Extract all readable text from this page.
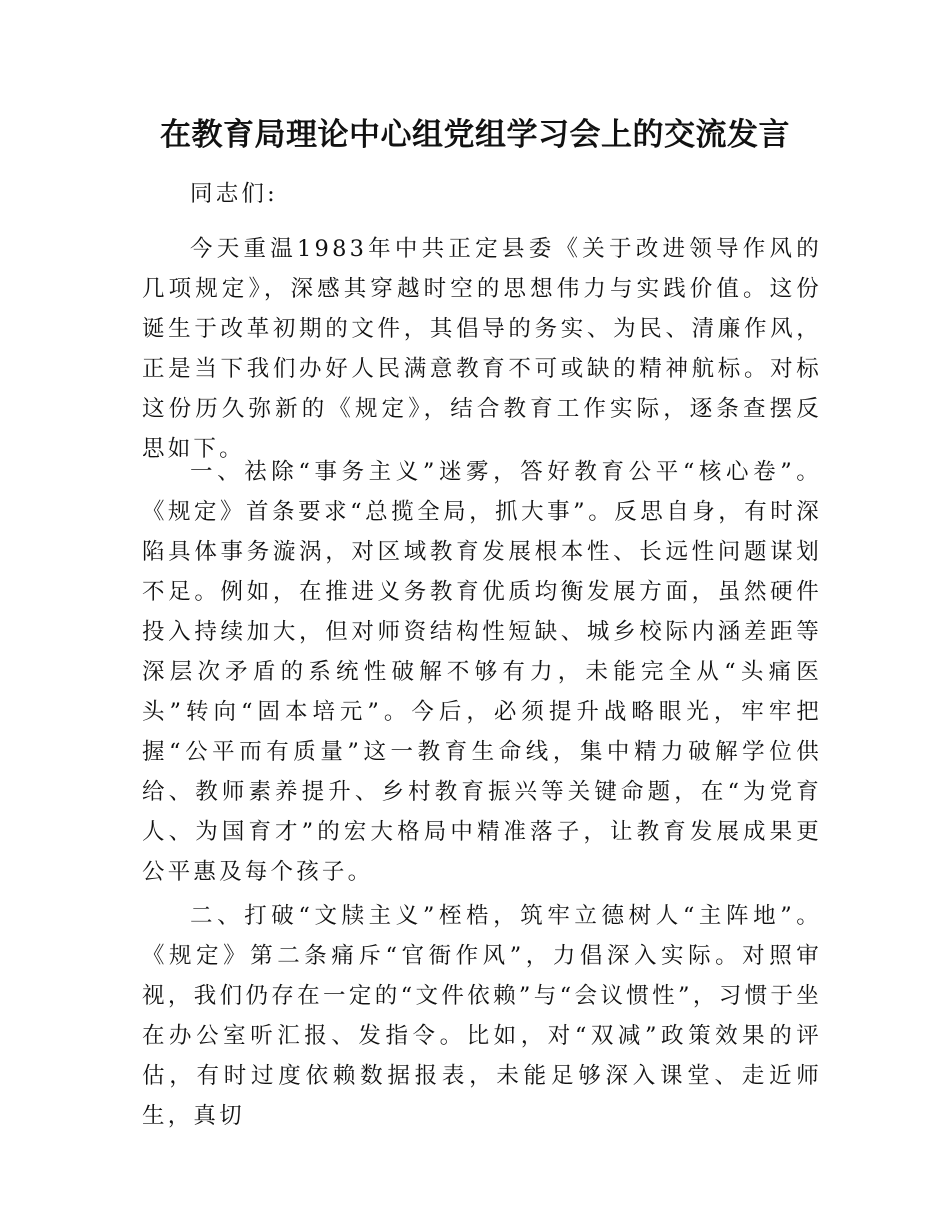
在教育局理论中心组党组学习会上的交流发言

同志们:

今天重温1983年中共正定县委《关于改进领导作风的几项规定》，深感其穿越时空的思想伟力与实践价值。这份诞生于改革初期的文件，其倡导的务实、为民、清廉作风，正是当下我们办好人民满意教育不可或缺的精神航标。对标这份历久弥新的《规定》，结合教育工作实际，逐条查摆反思如下。

一、祛除“事务主义”迷雾，答好教育公平“核心卷”。《规定》首条要求“总揽全局，抓大事”。反思自身，有时深陷具体事务漩涡，对区域教育发展根本性、长远性问题谋划不足。例如，在推进义务教育优质均衡发展方面，虽然硬件投入持续加大，但对师资结构性短缺、城乡校际内涵差距等深层次矛盾的系统性破解不够有力，未能完全从“头痛医头”转向“固本培元”。今后，必须提升战略眼光，牢牢把握“公平而有质量”这一教育生命线，集中精力破解学位供给、教师素养提升、乡村教育振兴等关键命题，在“为党育人、为国育才”的宏大格局中精准落子，让教育发展成果更公平惠及每个孩子。

二、打破“文牍主义”桎梏，筑牢立德树人“主阵地”。《规定》第二条痛斥“官衙作风”，力倡深入实际。对照审视，我们仍存在一定的“文件依赖”与“会议惯性”，习惯于坐在办公室听汇报、发指令。比如，对“双减”政策效果的评估，有时过度依赖数据报表，未能足够深入课堂、走近师生，真切
